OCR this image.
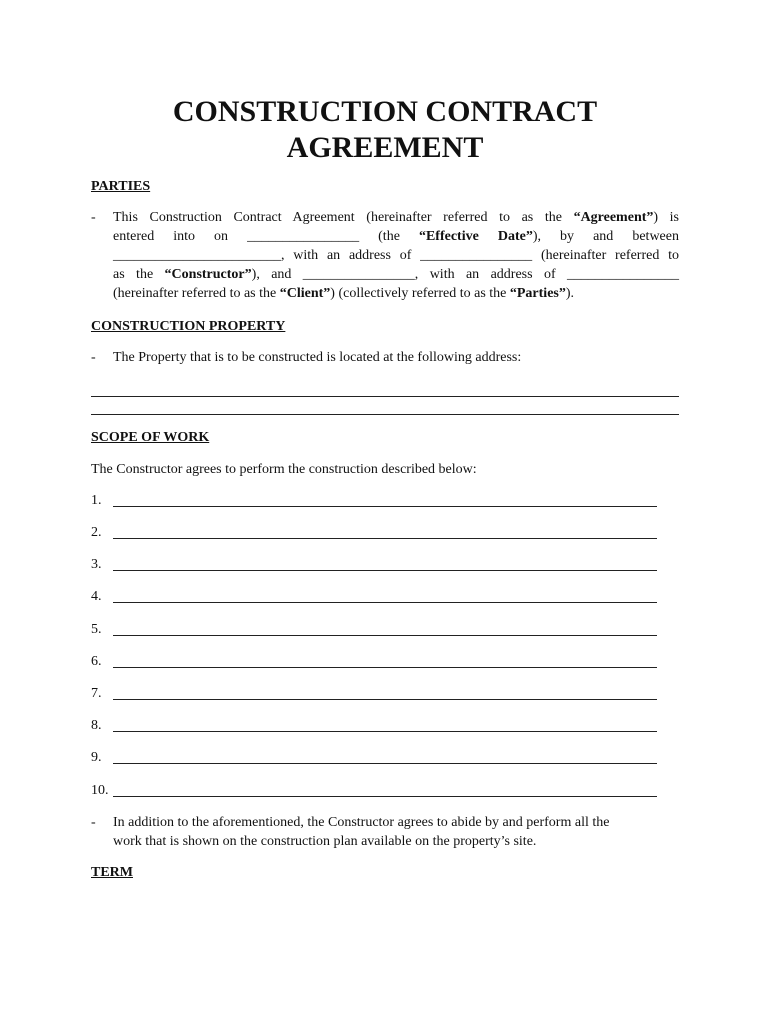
CONSTRUCTION CONTRACT
AGREEMENT
PARTIES
- This Construction Contract Agreement (hereinafter referred to as the “Agreement”) is
entered into on ________________ (the “Effective Date”), by and between
________________________, with an address of ________________ (hereinafter referred to
as the “Constructor”), and ________________, with an address of ________________
(hereinafter referred to as the “Client”) (collectively referred to as the “Parties”).
CONSTRUCTION PROPERTY
- The Property that is to be constructed is located at the following address:
SCOPE OF WORK
The Constructor agrees to perform the construction described below:
1.
2.
3.
4.
5.
6.
7.
8.
9.
10.
- In addition to the aforementioned, the Constructor agrees to abide by and perform all the
work that is shown on the construction plan available on the property’s site.
TERM
